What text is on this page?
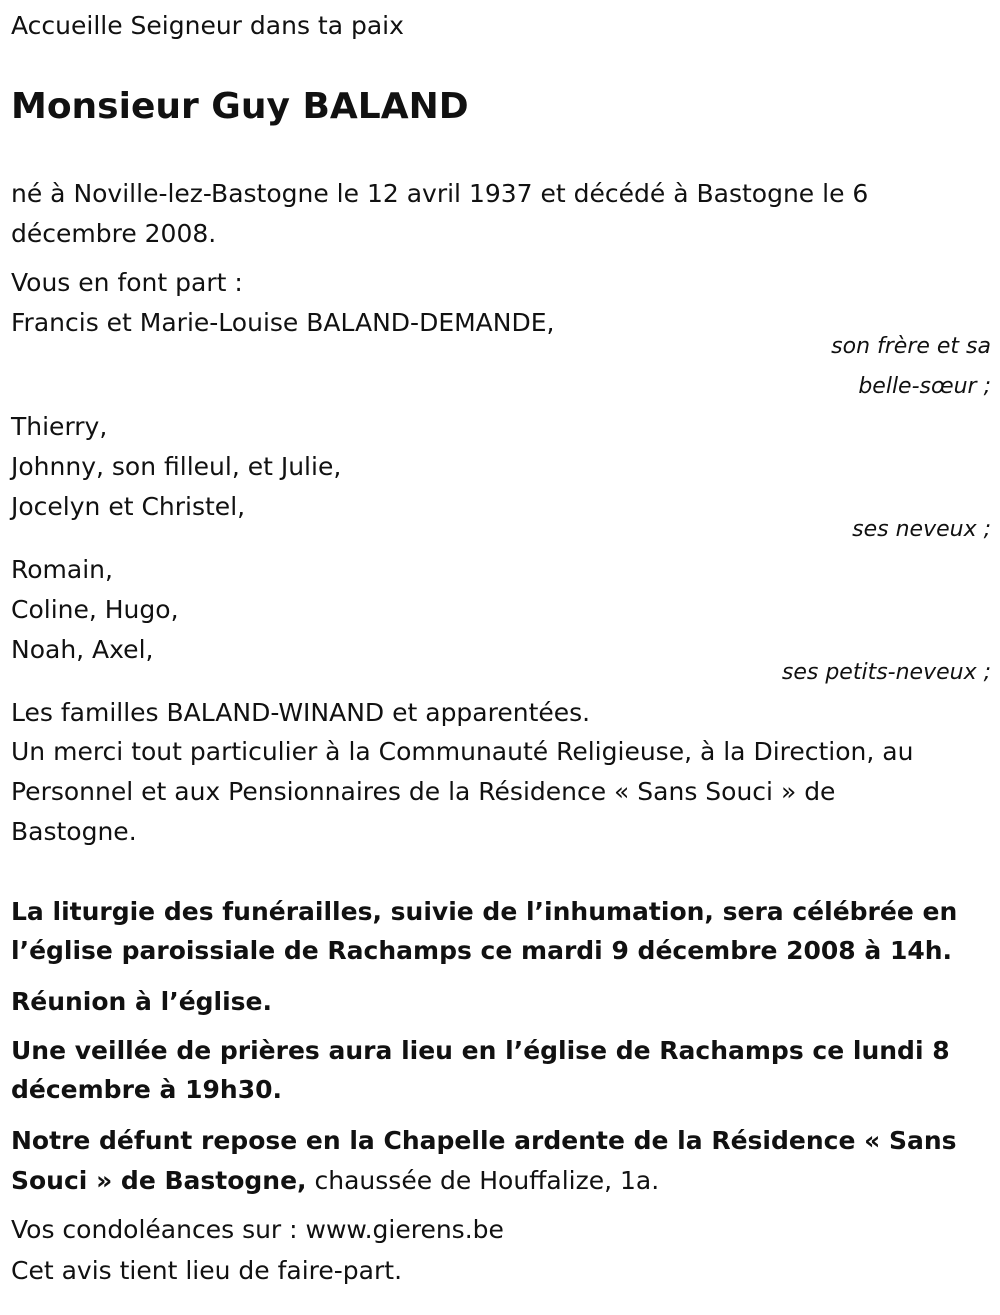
Accueille Seigneur dans ta paix
Monsieur Guy BALAND
né à Noville-lez-Bastogne le 12 avril 1937 et décédé à Bastogne le 6
décembre 2008.
Vous en font part :
Francis et Marie-Louise BALAND-DEMANDE,
son frère et sa
belle-sœur ;
Thierry,
Johnny, son filleul, et Julie,
Jocelyn et Christel,
ses neveux ;
Romain,
Coline, Hugo,
Noah, Axel,
ses petits-neveux ;
Les familles BALAND-WINAND et apparentées.
Un merci tout particulier à la Communauté Religieuse, à la Direction, au
Personnel et aux Pensionnaires de la Résidence « Sans Souci » de
Bastogne.
La liturgie des funérailles, suivie de l’inhumation, sera célébrée en
l’église paroissiale de Rachamps ce mardi 9 décembre 2008 à 14h.
Réunion à l’église.
Une veillée de prières aura lieu en l’église de Rachamps ce lundi 8
décembre à 19h30.
Notre défunt repose en la Chapelle ardente de la Résidence « Sans
Souci » de Bastogne, chaussée de Houffalize, 1a.
Vos condoléances sur : www.gierens.be
Cet avis tient lieu de faire-part.
